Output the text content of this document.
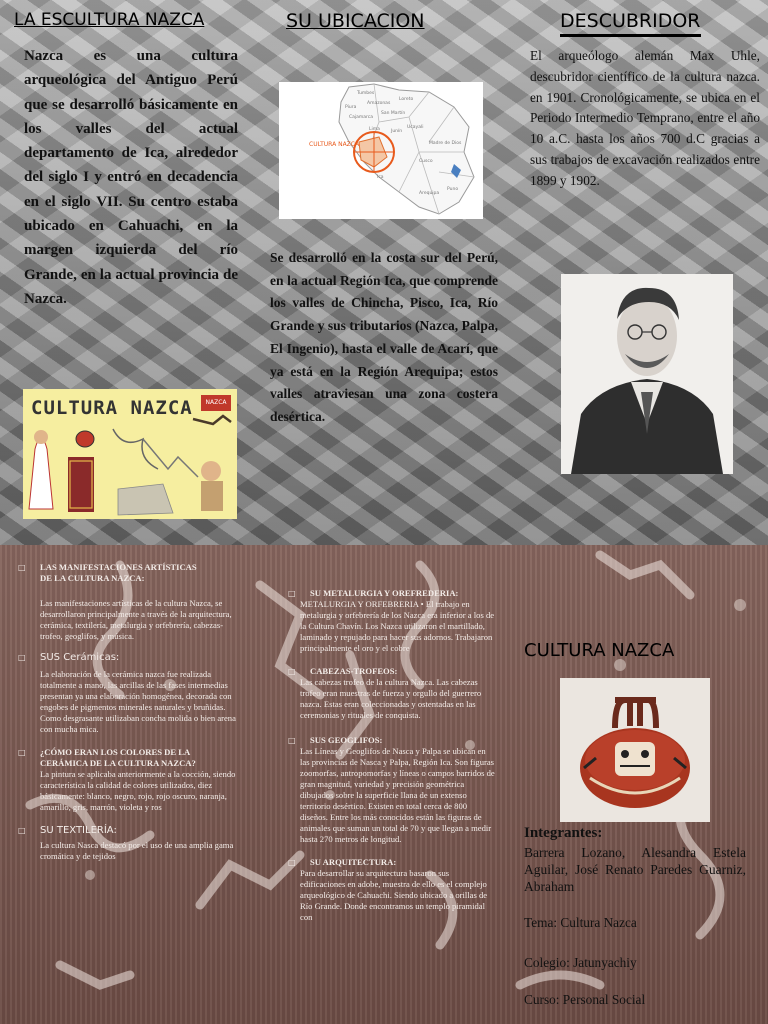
LA ESCULTURA NAZCA	SU UBICACION	DESCUBRIDOR

Nazca es una cultura arqueológica del Antiguo Perú que se desarrolló básicamente en los valles del actual departamento de Ica, alrededor del siglo I y entró en decadencia en el siglo VII. Su centro estaba ubicado en Cahuachi, en la margen izquierda del río Grande, en la actual provincia de Nazca.

CULTURA NAZCA
Tumbes
Loreto
Piura
Amazonas
Cajamarca
San Martín
Lima Junín
Ucayali
Madre de Dios
Cusco
Puno
Arequipa
Ica

Se desarrolló en la costa sur del Perú, en la actual Región Ica, que comprende los valles de Chincha, Pisco, Ica, Río Grande y sus tributarios (Nazca, Palpa, El Ingenio), hasta el valle de Acarí, que ya está en la Región Arequipa; estos valles atraviesan una zona costera desértica.

El arqueólogo alemán Max Uhle, descubridor científico de la cultura nazca. en 1901. Cronológicamente, se ubica en el Periodo Intermedio Temprano, entre el año 10 a.C. hasta los años 700 d.C gracias a sus trabajos de excavación realizados entre 1899 y 1902.

CULTURA NAZCA	NAZCA
□ LAS MANIFESTACIONES ARTÍSTICAS DE LA CULTURA NAZCA:

Las manifestaciones artísticas de la cultura Nazca, se desarrollaron principalmente a través de la arquitectura, cerámica, textilería, metalurgia y orfebrería, cabezas- trofeo, geoglifos, y música.

□ SUS Cerámicas:

La elaboración de la cerámica nazca fue realizada totalmente a mano, las arcillas de las fases intermedias presentan ya una elaboración homogénea, decorada con engobes de pigmentos minerales naturales y bruñidas. Como desgrasante utilizaban concha molida o bien arena con mucha mica.

□ ¿CÓMO ERAN LOS COLORES DE LA CERÁMICA DE LA CULTURA NAZCA?

La pintura se aplicaba anteriormente a la cocción, siendo característica la calidad de colores utilizados, diez básicamente: blanco, negro, rojo, rojo oscuro, naranja, amarillo, gris, marrón, violeta y ros

□ SU TEXTILERÍA:

La cultura Nasca destacó por el uso de una amplia gama cromática y de tejidos

□ SU METALURGIA Y OREFREDERIA:

METALURGIA Y ORFEBRERIA • El trabajo en metalurgia y orfebrería de los Nazca era inferior a los de la Cultura Chavín. Los Nazca utilizaron el martillado, laminado y repujado para hacer sus adornos. Trabajaron principalmente el oro y el cobre

□ CABEZAS-TROFEOS:

Las cabezas trofeo de la cultura Nazca. Las cabezas trofeo eran muestras de fuerza y orgullo del guerrero nazca. Estas eran coleccionadas y ostentadas en las ceremonias y rituales de conquista.

□ SUS GEOGLIFOS:

Las Líneas y Geoglifos de Nasca y Palpa se ubican en las provincias de Nasca y Palpa, Región Ica. Son figuras zoomorfas, antropomorfas y líneas o campos barridos de gran magnitud, variedad y precisión geométrica dibujados sobre la superficie llana de un extenso territorio desértico. Existen en total cerca de 800 diseños. Entre los más conocidos están las figuras de animales que suman un total de 70 y que llegan a medir hasta 270 metros de longitud.

□ SU ARQUITECTURA:

Para desarrollar su arquitectura basaron sus edificaciones en adobe, muestra de ello es el complejo arqueológico de Cahuachi. Siendo ubicado a orillas de Río Grande. Donde encontramos un templo piramidal con

CULTURA NAZCA
Integrantes:
Barrera Lozano, Alesandra Estela Aguilar, José Renato Paredes Guarniz, Abraham
Tema: Cultura Nazca
Colegio: Jatunyachiy
Curso: Personal Social
